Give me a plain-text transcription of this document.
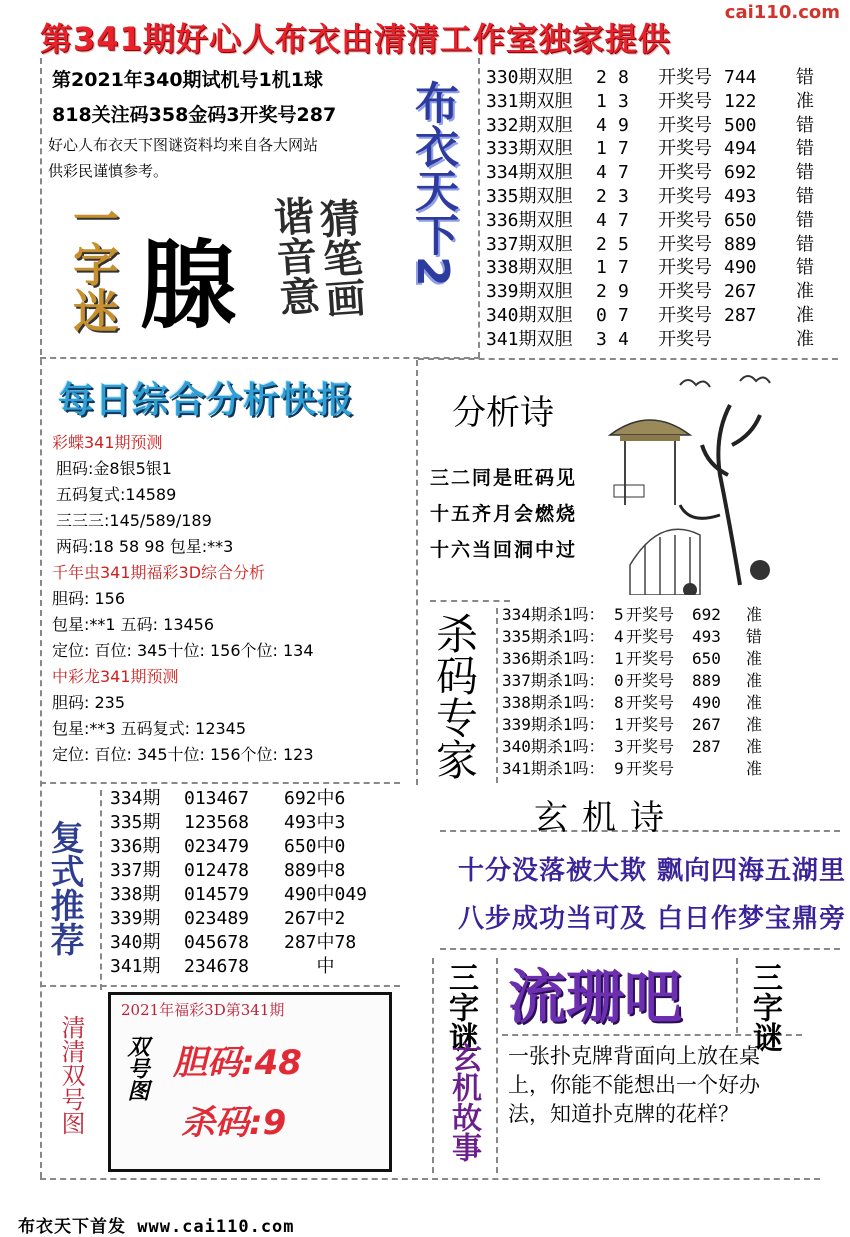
cai110.com
第341期好心人布衣由清清工作室独家提供
第2021年340期试机号1机1球
818关注码358金码3开奖号287
好心人布衣天下图谜资料均来自各大网站
供彩民谨慎参考。
一字迷 腺 猜笔画
谐音意 布衣天下2
330期双胆 2 8 开奖号 744 错
331期双胆 1 3 开奖号 122 准
332期双胆 4 9 开奖号 500 错
333期双胆 1 7 开奖号 494 错
334期双胆 4 7 开奖号 692 错
335期双胆 2 3 开奖号 493 错
336期双胆 4 7 开奖号 650 错
337期双胆 2 5 开奖号 889 错
338期双胆 1 7 开奖号 490 错
339期双胆 2 9 开奖号 267 准
340期双胆 0 7 开奖号 287 准
341期双胆 3 4 开奖号	准
每日综合分析快报
彩蝶341期预测
胆码:金8银5银1
五码复式:14589
三三三:145/589/189
两码:18 58 98 包星:**3
千年虫341期福彩3D综合分析
胆码: 156
包星:**1 五码: 13456
定位: 百位: 345十位: 156个位: 134
中彩龙341期预测
胆码: 235
包星:**3 五码复式: 12345
定位: 百位: 345十位: 156个位: 123
分析诗
三二同是旺码见
十五齐月会燃烧
十六当回洞中过
杀码专家 334期杀1吗： 5 开奖号 692 准
335期杀1吗： 4 开奖号 493 错
336期杀1吗： 1 开奖号 650 准
337期杀1吗： 0 开奖号 889 准
338期杀1吗： 8 开奖号 490 准
339期杀1吗： 1 开奖号 267 准
340期杀1吗： 3 开奖号 287 准
341期杀1吗： 9 开奖号	准
玄机诗
十分没落被大欺 飘向四海五湖里
八步成功当可及 白日作梦宝鼎旁
复式推荐
334期 013467 692中6
335期 123568 493中3
336期 023479 650中0
337期 012478 889中8
338期 014579 490中049
339期 023489 267中2
340期 045678 287中78
341期 234678   中
清清双号图
2021年福彩3D第341期
双号图 胆码:48
杀码:9
三字谜 流珊吧 三字谜
玄机故事 一张扑克牌背面向上放在桌上，你能不能想出一个好办法，知道扑克牌的花样？
布衣天下首发 www.cai110.com
